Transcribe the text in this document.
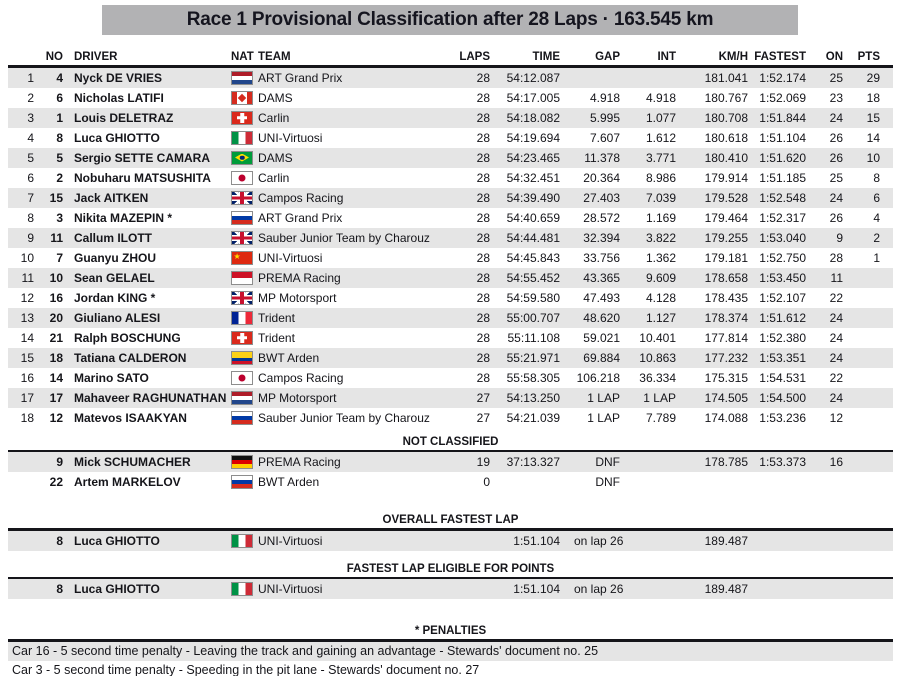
Race 1 Provisional Classification after 28 Laps · 163.545 km
NO DRIVER	NAT TEAM	LAPS	TIME	GAP	INT	KM/H FASTEST	ON	PTS
1	4 Nyck DE VRIES	ART Grand Prix	28	54:12.087	181.041 1:52.174	25	29
2	6 Nicholas LATIFI	DAMS	28	54:17.005	4.918	4.918	180.767 1:52.069	23	18
3	1 Louis DELETRAZ	Carlin	28	54:18.082	5.995	1.077	180.708 1:51.844	24	15
4	8 Luca GHIOTTO	UNI-Virtuosi	28	54:19.694	7.607	1.612	180.618 1:51.104	26	14
5	5 Sergio SETTE CAMARA	DAMS	28	54:23.465	11.378	3.771	180.410 1:51.620	26	10
6	2 Nobuharu MATSUSHITA	Carlin	28	54:32.451	20.364	8.986	179.914 1:51.185	25	8
7	15 Jack AITKEN	Campos Racing	28	54:39.490	27.403	7.039	179.528 1:52.548	24	6
8	3 Nikita MAZEPIN *	ART Grand Prix	28	54:40.659	28.572	1.169	179.464 1:52.317	26	4
9	11 Callum ILOTT	Sauber Junior Team by Charouz	28	54:44.481	32.394	3.822	179.255 1:53.040	9	2
10	7 Guanyu ZHOU ★	UNI-Virtuosi	28	54:45.843	33.756	1.362	179.181 1:52.750	28	1
11	10 Sean GELAEL	PREMA Racing	28	54:55.452	43.365	9.609	178.658 1:53.450	11
12	16 Jordan KING *	MP Motorsport	28	54:59.580	47.493	4.128	178.435 1:52.107	22
13	20 Giuliano ALESI	Trident	28	55:00.707	48.620	1.127	178.374 1:51.612	24
14	21 Ralph BOSCHUNG	Trident	28	55:11.108	59.021	10.401	177.814 1:52.380	24
15	18 Tatiana CALDERON	BWT Arden	28	55:21.971	69.884	10.863	177.232 1:53.351	24
16	14 Marino SATO	Campos Racing	28	55:58.305	106.218	36.334	175.315 1:54.531	22
17	17 Mahaveer RAGHUNATHAN	MP Motorsport	27	54:13.250	1 LAP	1 LAP	174.505 1:54.500	24
18	12 Matevos ISAAKYAN	Sauber Junior Team by Charouz	27	54:21.039	1 LAP	7.789	174.088 1:53.236	12
NOT CLASSIFIED
9 Mick SCHUMACHER	PREMA Racing	19	37:13.327	DNF	178.785 1:53.373	16
22 Artem MARKELOV	BWT Arden	0	DNF
OVERALL FASTEST LAP
8 Luca GHIOTTO	UNI-Virtuosi	1:51.104	on lap 26	189.487
FASTEST LAP ELIGIBLE FOR POINTS
8 Luca GHIOTTO	UNI-Virtuosi	1:51.104	on lap 26	189.487
* PENALTIES
Car 16 - 5 second time penalty - Leaving the track and gaining an advantage - Stewards' document no. 25
Car 3 - 5 second time penalty - Speeding in the pit lane - Stewards' document no. 27
